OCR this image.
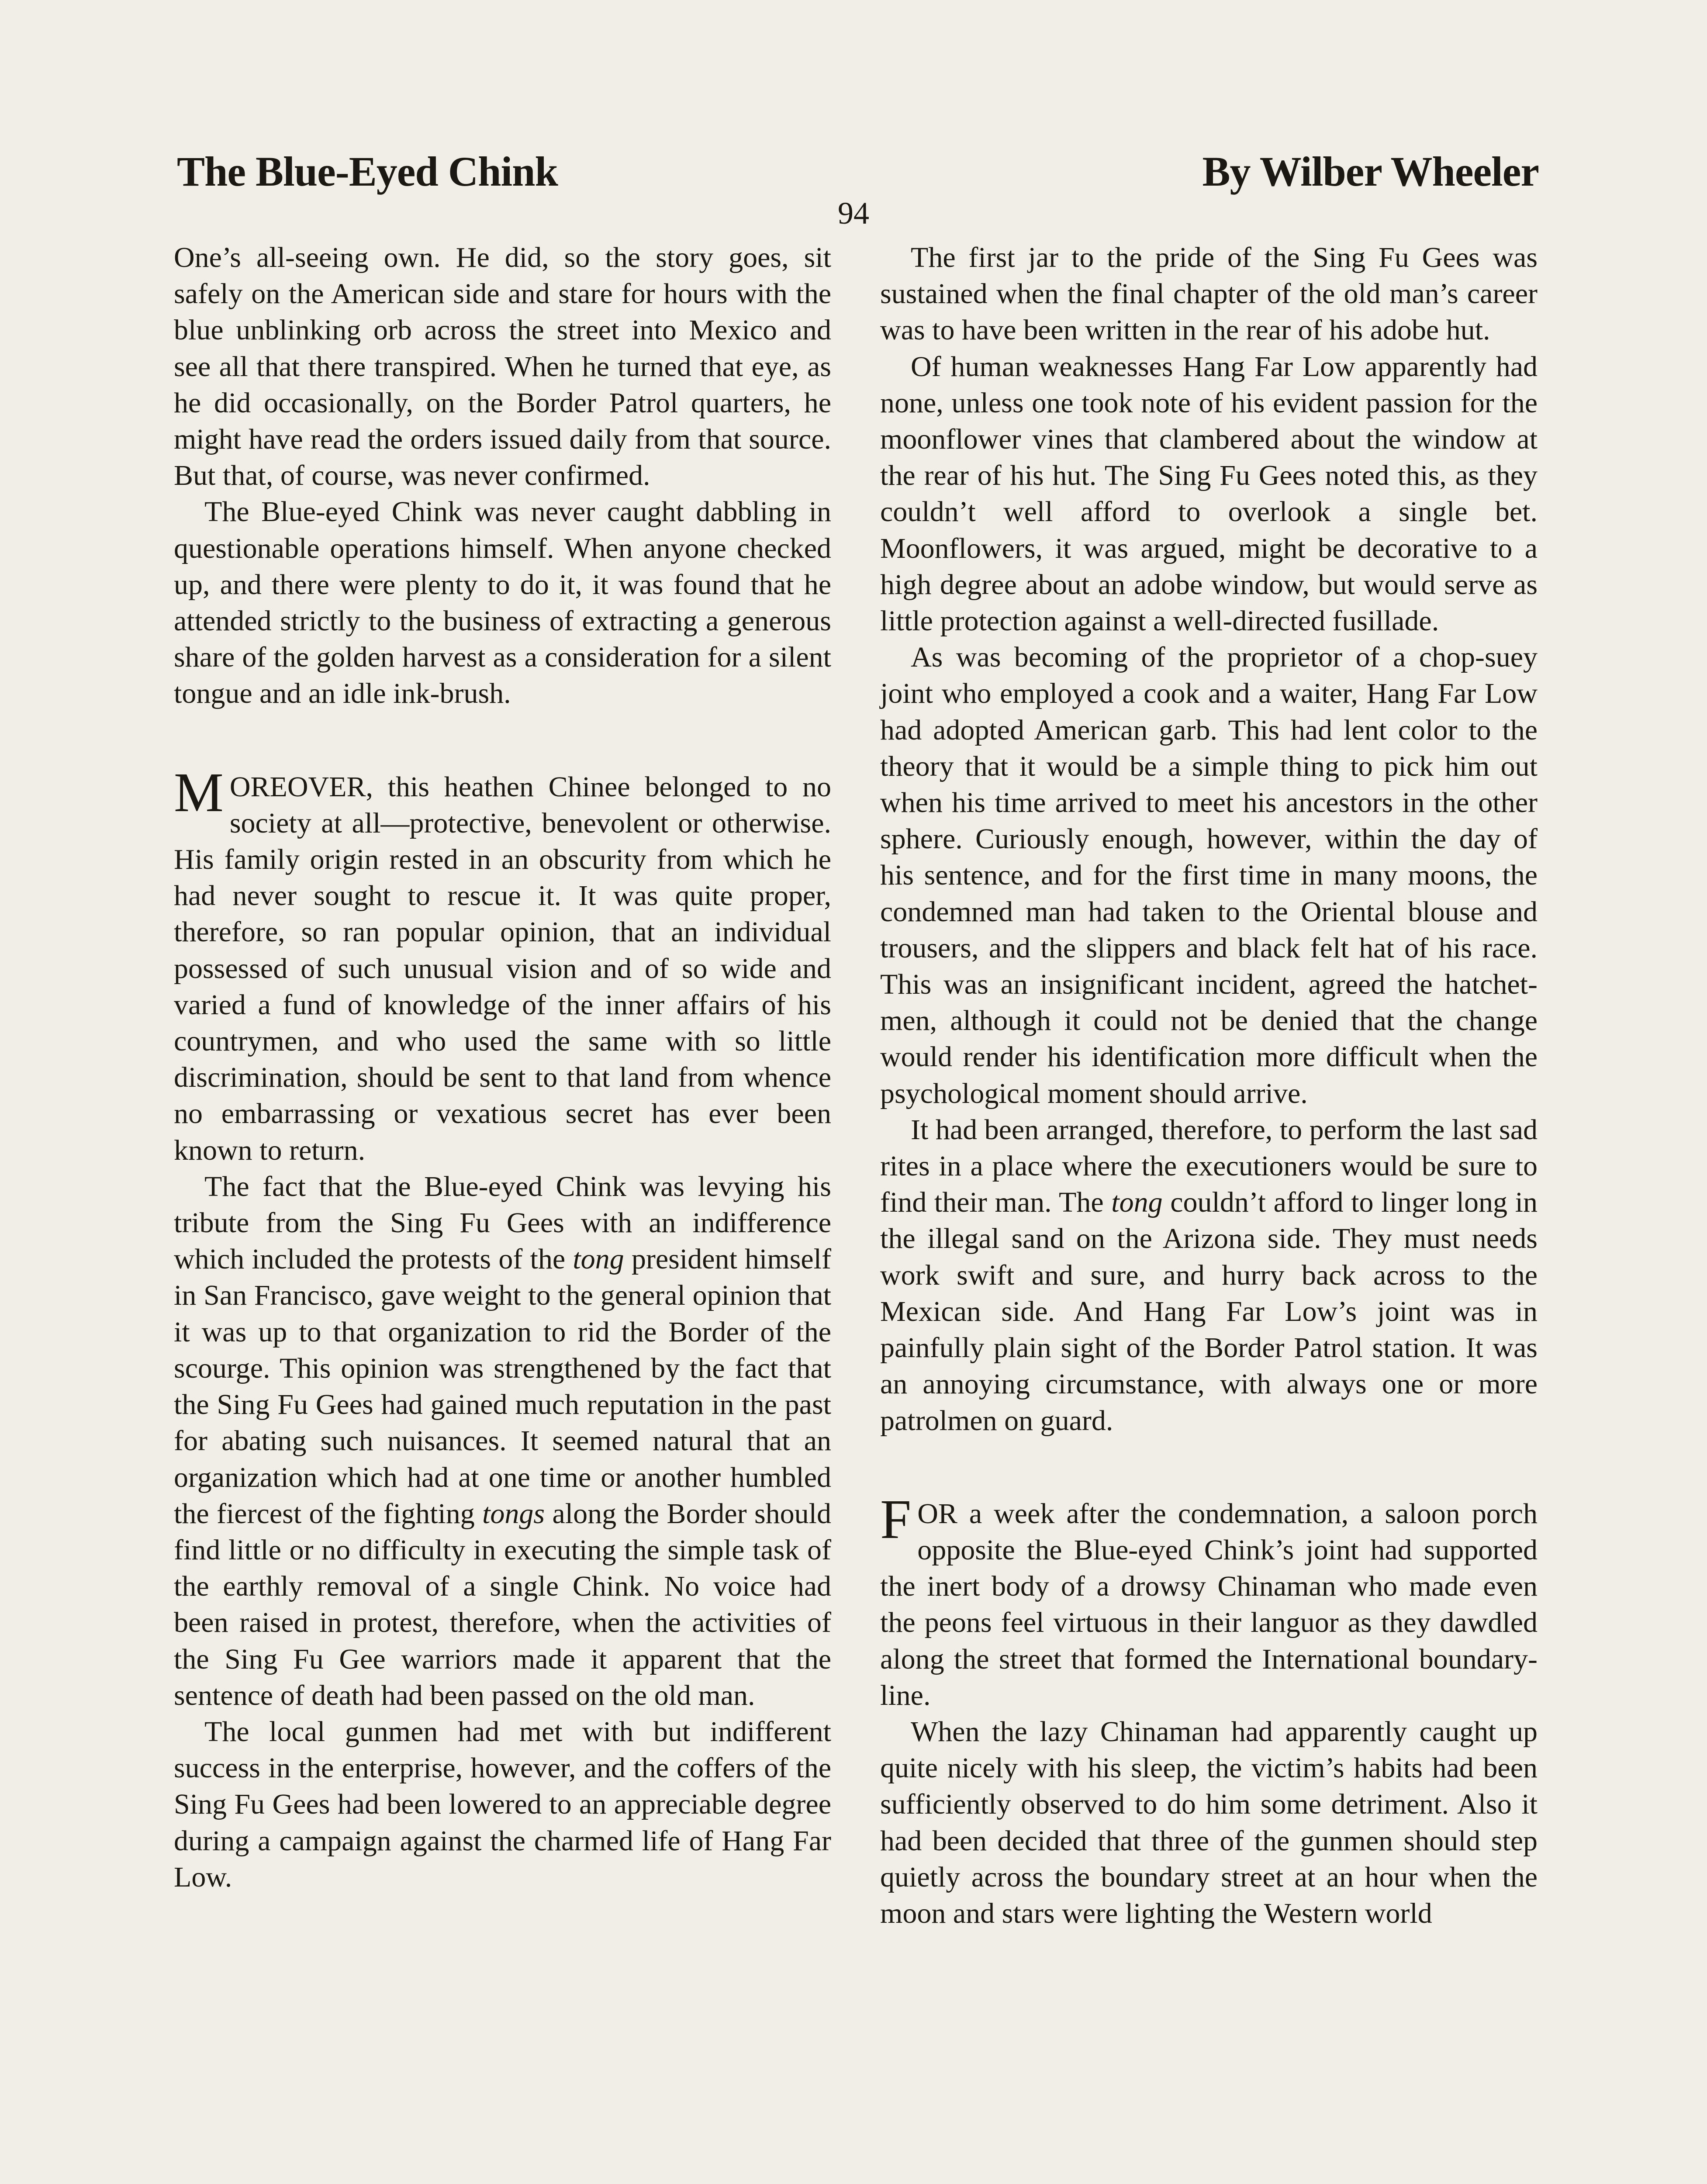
The Blue-Eyed Chink	By Wilber Wheeler
94

One’s all-seeing own. He did, so the story goes, sit safely on the American side and stare for hours with the blue unblinking orb across the street into Mexico and see all that there transpired. When he turned that eye, as he did occasionally, on the Border Patrol quarters, he might have read the orders issued daily from that source. But that, of course, was never confirmed.

The Blue-eyed Chink was never caught dabbling in questionable operations himself. When anyone checked up, and there were plenty to do it, it was found that he attended strictly to the business of extracting a generous share of the golden harvest as a consideration for a silent tongue and an idle ink-brush.

MOREOVER, this heathen Chinee belonged to no society at all—protective, benevolent or otherwise. His family origin rested in an obscurity from which he had never sought to rescue it. It was quite proper, therefore, so ran popular opinion, that an individual possessed of such unusual vision and of so wide and varied a fund of knowledge of the inner affairs of his countrymen, and who used the same with so little discrimination, should be sent to that land from whence no embarrassing or vexatious secret has ever been known to return.

The fact that the Blue-eyed Chink was levying his tribute from the Sing Fu Gees with an indifference which included the protests of the tong president himself in San Francisco, gave weight to the general opinion that it was up to that organization to rid the Border of the scourge. This opinion was strengthened by the fact that the Sing Fu Gees had gained much reputation in the past for abating such nuisances. It seemed natural that an organization which had at one time or another humbled the fiercest of the fighting tongs along the Border should find little or no difficulty in executing the simple task of the earthly removal of a single Chink. No voice had been raised in protest, therefore, when the activities of the Sing Fu Gee warriors made it apparent that the sentence of death had been passed on the old man.

The local gunmen had met with but indifferent success in the enterprise, however, and the coffers of the Sing Fu Gees had been lowered to an appreciable degree during a campaign against the charmed life of Hang Far Low.

The first jar to the pride of the Sing Fu Gees was sustained when the final chapter of the old man’s career was to have been written in the rear of his adobe hut.

Of human weaknesses Hang Far Low apparently had none, unless one took note of his evident passion for the moonflower vines that clambered about the window at the rear of his hut. The Sing Fu Gees noted this, as they couldn’t well afford to overlook a single bet. Moonflowers, it was argued, might be decorative to a high degree about an adobe window, but would serve as little protection against a well-directed fusillade.

As was becoming of the proprietor of a chop-suey joint who employed a cook and a waiter, Hang Far Low had adopted American garb. This had lent color to the theory that it would be a simple thing to pick him out when his time arrived to meet his ancestors in the other sphere. Curiously enough, however, within the day of his sentence, and for the first time in many moons, the condemned man had taken to the Oriental blouse and trousers, and the slippers and black felt hat of his race. This was an insignificant incident, agreed the hatchet-men, although it could not be denied that the change would render his identification more difficult when the psychological moment should arrive.

It had been arranged, therefore, to perform the last sad rites in a place where the executioners would be sure to find their man. The tong couldn’t afford to linger long in the illegal sand on the Arizona side. They must needs work swift and sure, and hurry back across to the Mexican side. And Hang Far Low’s joint was in painfully plain sight of the Border Patrol station. It was an annoying circumstance, with always one or more patrolmen on guard.

FOR a week after the condemnation, a saloon porch opposite the Blue-eyed Chink’s joint had supported the inert body of a drowsy Chinaman who made even the peons feel virtuous in their languor as they dawdled along the street that formed the International boundary-line.

When the lazy Chinaman had apparently caught up quite nicely with his sleep, the victim’s habits had been sufficiently observed to do him some detriment. Also it had been decided that three of the gunmen should step quietly across the boundary street at an hour when the moon and stars were lighting the Western world
